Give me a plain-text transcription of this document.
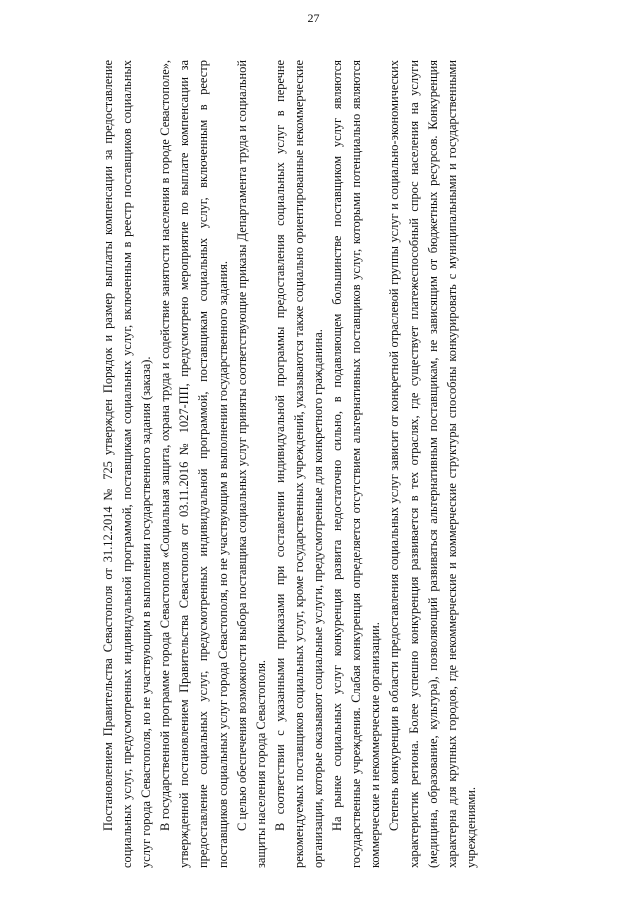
27

Постановлением Правительства Севастополя от 31.12.2014 № 725 утвержден Порядок и размер выплаты компенсации за предоставление социальных услуг, предусмотренных индивидуальной программой, поставщикам социальных услуг, включенным в реестр поставщиков социальных услуг города Севастополя, но не участвующим в выполнении государственного задания (заказа). В государственной программе города Севастополя «Социальная защита, охрана труда и содействие занятости населения в городе Севастополе», утвержденной постановлением Правительства Севастополя от 03.11.2016 № 1027-ПП, предусмотрено мероприятие по выплате компенсации за предоставление социальных услуг, предусмотренных индивидуальной программой, поставщикам социальных услуг, включенным в реестр поставщиков социальных услуг города Севастополя, но не участвующим в выполнении государственного задания. С целью обеспечения возможности выбора поставщика социальных услуг приняты соответствующие приказы Департамента труда и социальной защиты населения города Севастополя. В соответствии с указанными приказами при составлении индивидуальной программы предоставления социальных услуг в перечне рекомендуемых поставщиков социальных услуг, кроме государственных учреждений, указываются также социально ориентированные некоммерческие организации, которые оказывают социальные услуги, предусмотренные для конкретного гражданина. На рынке социальных услуг конкуренция развита недостаточно сильно, в подавляющем большинстве поставщиком услуг являются государственные учреждения. Слабая конкуренция определяется отсутствием альтернативных поставщиков услуг, которыми потенциально являются коммерческие и некоммерческие организации. Степень конкуренции в области предоставления социальных услуг зависит от конкретной отраслевой группы услуг и социально-экономических характеристик региона. Более успешно конкуренция развивается в тех отраслях, где существует платежеспособный спрос населения на услуги (медицина, образование, культура), позволяющий развиваться альтернативным поставщикам, не зависящим от бюджетных ресурсов. Конкуренция характерна для крупных городов, где некоммерческие и коммерческие структуры способны конкурировать с муниципальными и государственными учреждениями.
